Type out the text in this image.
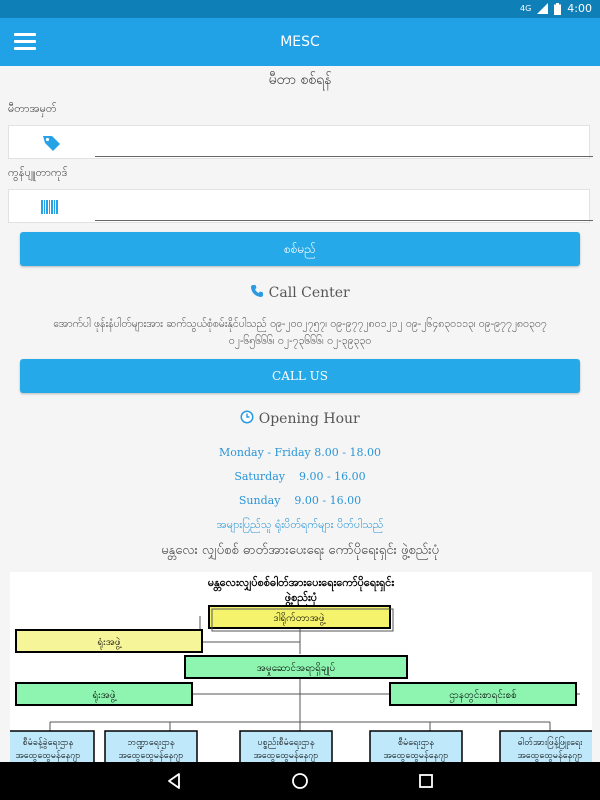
4G	4:00
MESC
မီတာ စစ်ရန်
မီတာအမှတ်
ကွန်ပျူတာကုဒ်
စစ်မည်
Call Center
အောက်ပါ ဖုန်းနံပါတ်များအား ဆက်သွယ်စုံစမ်းနိုင်ပါသည် ၀၉-၂၀၀၂၇၅၇၊ ၀၉-၉၇၇၂၈၀၁၂၁၂ ၀၉-၂၆၄၈၃၀၁၁၃၊ ၀၉-၉၇၇၂၈၀၃၀၇
၀၂-၆၅၆၆၆၊ ၀၂-၇၃၆၆၆၊ ၀၂-၃၉၃၃၀
CALL US
Opening Hour
Monday - Friday 8.00 - 18.00
Saturday    9.00 - 16.00
Sunday    9.00 - 16.00
အများပြည်သူ ရုံးပိတ်ရက်များ ပိတ်ပါသည်
မန္တလေး လျှပ်စစ် ဓာတ်အားပေးရေး ကော်ပိုရေးရှင်း ဖွဲ့စည်းပုံ
မန္တလေးလျှပ်စစ်ဓါတ်အားပေးရေးကော်ပိုရေးရှင်း
ဖွဲ့စည်းပုံ
ဒါရိုက်တာအဖွဲ့
ရုံးအဖွဲ့
အမှုဆောင်အရာရှိချုပ်
ရုံးအဖွဲ့	ဌာနတွင်းစာရင်းစစ်
စီမံခန့်ခွဲရေးဌာန
အထွေထွေမန်နေဂျာ
ဘဏ္ဍာရေးဌာန
အထွေထွေမန်နေဂျာ
ပစ္စည်းစီမံရေးဌာန
အထွေထွေမန်နေဂျာ
စီမံရေးဌာန
အထွေထွေမန်နေဂျာ
ဓါတ်အားဖြန့်ဖြူးရေး
အထွေထွေမန်နေဂျာ
